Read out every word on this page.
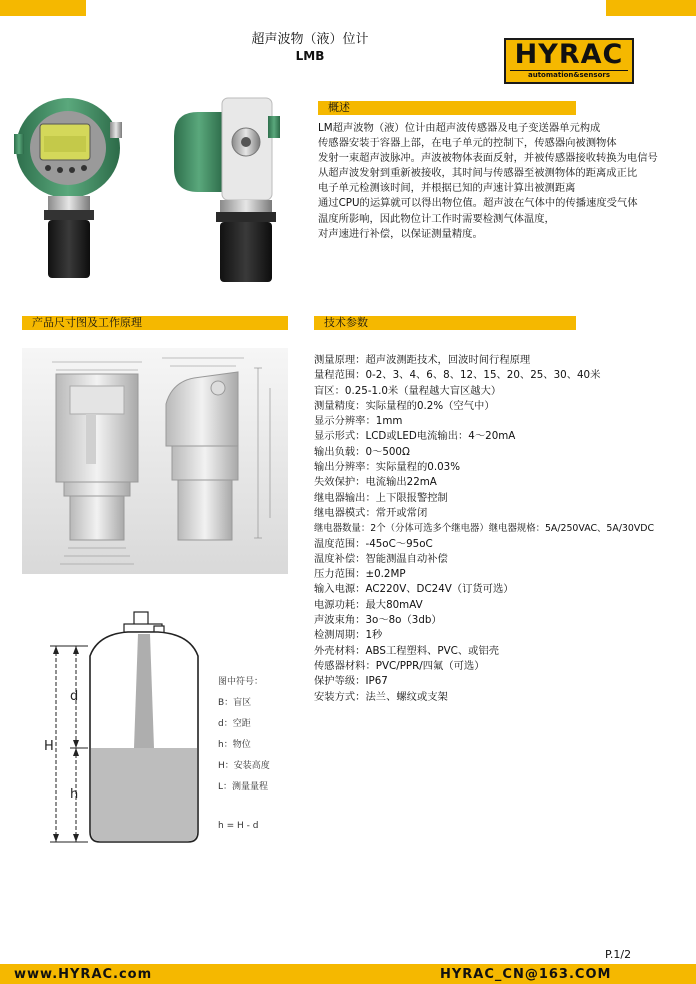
超声波物（液）位计
LMB	HYRAC
automation&sensors
概述
产品尺寸图及工作原理	技术参数
LM超声波物（液）位计由超声波传感器及电子变送器单元构成
传感器安装于容器上部，在电子单元的控制下，传感器向被测物体
发射一束超声波脉冲。声波被物体表面反射，并被传感器接收转换为电信号
从超声波发射到重新被接收，其时间与传感器至被测物体的距离成正比
电子单元检测该时间，并根据已知的声速计算出被测距离
通过CPU的运算就可以得出物位值。超声波在气体中的传播速度受气体
温度所影响，因此物位计工作时需要检测气体温度，
对声速进行补偿，以保证测量精度。
d
H
h
图中符号：
B：盲区
d：空距
h：物位
H：安装高度
L：测量量程
h = H - d
测量原理：超声波测距技术，回波时间行程原理
量程范围：0-2、3、4、6、8、12、15、20、25、30、40米
盲区：0.25-1.0米（量程越大盲区越大）
测量精度：实际量程的0.2%（空气中）
显示分辨率：1mm
显示形式：LCD或LED电流输出：4～20mA
输出负载：0～500Ω
输出分辨率：实际量程的0.03%
失效保护：电流输出22mA
继电器输出：上下限报警控制
继电器模式：常开或常闭
继电器数量：2个（分体可选多个继电器）继电器规格：5A/250VAC、5A/30VDC
温度范围：-45oC～95oC
温度补偿：智能测温自动补偿
压力范围：±0.2MP
输入电源：AC220V、DC24V（订货可选）
电源功耗：最大80mAV
声波束角：3o～8o（3db）
检测周期：1秒
外壳材料：ABS工程塑料、PVC、或铝壳
传感器材料：PVC/PPR/四氟（可选）
保护等级：IP67
安装方式：法兰、螺纹或支架
P.1/2
www.HYRAC.com	HYRAC_CN@163.COM
